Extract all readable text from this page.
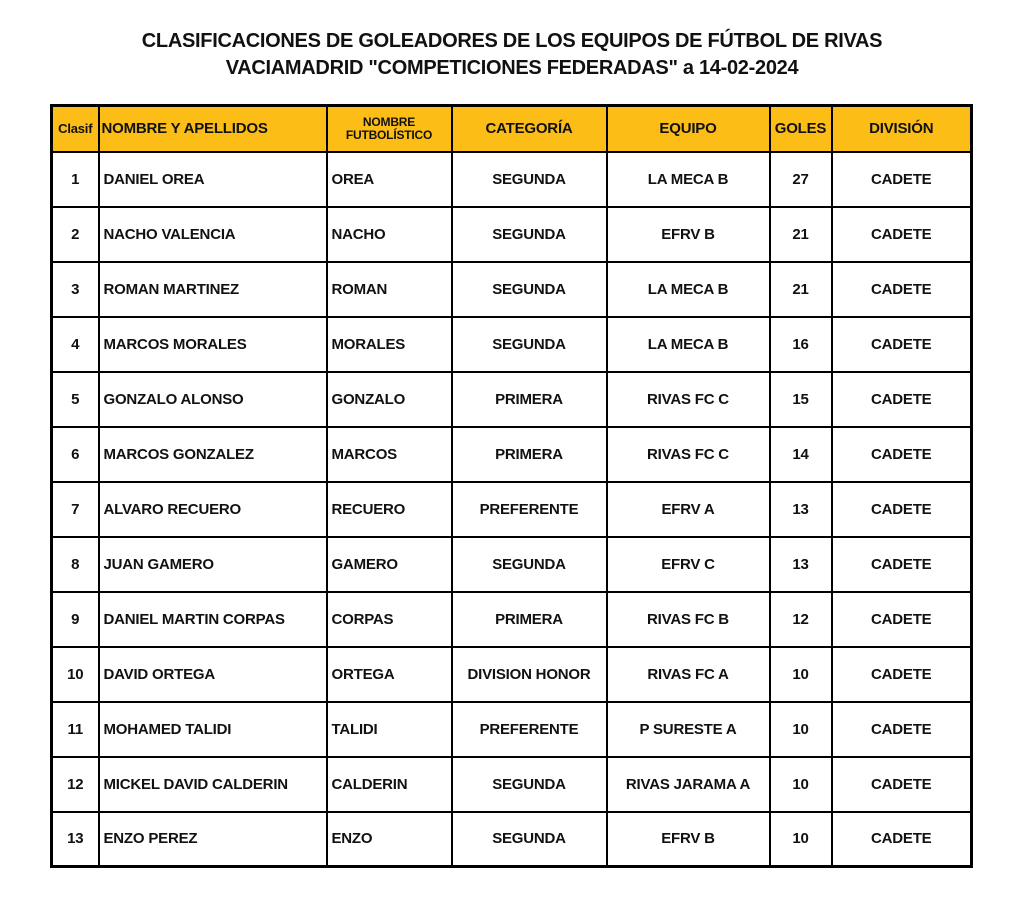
CLASIFICACIONES DE GOLEADORES DE LOS EQUIPOS DE FÚTBOL DE RIVAS
VACIAMADRID "COMPETICIONES FEDERADAS" a 14-02-2024
Clasif	NOMBRE Y APELLIDOS	NOMBRE FUTBOLÍSTICO	CATEGORÍA	EQUIPO	GOLES	DIVISIÓN
1	DANIEL OREA	OREA	SEGUNDA	LA MECA B	27	CADETE
2	NACHO VALENCIA	NACHO	SEGUNDA	EFRV B	21	CADETE
3	ROMAN MARTINEZ	ROMAN	SEGUNDA	LA MECA B	21	CADETE
4	MARCOS MORALES	MORALES	SEGUNDA	LA MECA B	16	CADETE
5	GONZALO ALONSO	GONZALO	PRIMERA	RIVAS FC C	15	CADETE
6	MARCOS GONZALEZ	MARCOS	PRIMERA	RIVAS FC C	14	CADETE
7	ALVARO RECUERO	RECUERO	PREFERENTE	EFRV A	13	CADETE
8	JUAN GAMERO	GAMERO	SEGUNDA	EFRV C	13	CADETE
9	DANIEL MARTIN CORPAS	CORPAS	PRIMERA	RIVAS FC B	12	CADETE
10	DAVID ORTEGA	ORTEGA	DIVISION HONOR	RIVAS FC A	10	CADETE
11	MOHAMED TALIDI	TALIDI	PREFERENTE	P SURESTE A	10	CADETE
12	MICKEL DAVID CALDERIN	CALDERIN	SEGUNDA	RIVAS JARAMA A	10	CADETE
13	ENZO PEREZ	ENZO	SEGUNDA	EFRV B	10	CADETE
